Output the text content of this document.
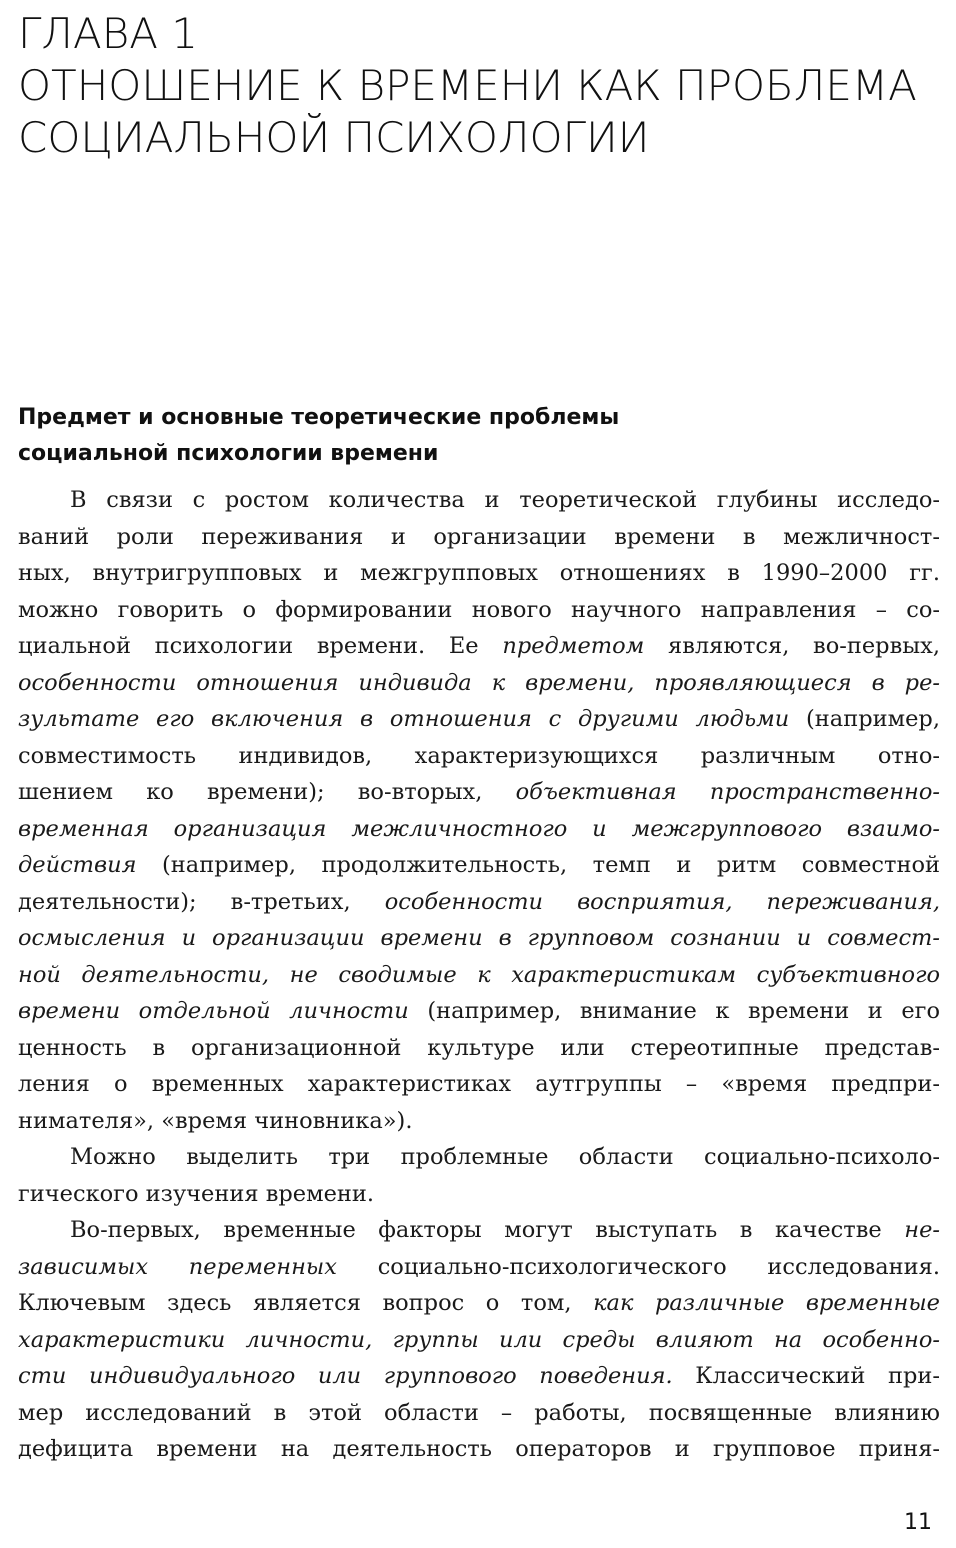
ГЛАВА 1
ОТНОШЕНИЕ К ВРЕМЕНИ КАК ПРОБЛЕМА
СОЦИАЛЬНОЙ ПСИХОЛОГИИ
Предмет и основные теоретические проблемы
социальной психологии времени
В связи с ростом количества и теоретической глубины исследо-
ваний роли переживания и организации времени в межличност-
ных, внутригрупповых и межгрупповых отношениях в 1990–2000 гг.
можно говорить о формировании нового научного направления – со-
циальной психологии времени. Ее предметом являются, во-первых,
особенности отношения индивида к времени, проявляющиеся в ре-
зультате его включения в отношения с другими людьми (например,
совместимость индивидов, характеризующихся различным отно-
шением ко времени); во-вторых, объективная пространственно-
временная организация межличностного и межгруппового взаимо-
действия (например, продолжительность, темп и ритм совместной
деятельности); в-третьих, особенности восприятия, переживания,
осмысления и организации времени в групповом сознании и совмест-
ной деятельности, не сводимые к характеристикам субъективного
времени отдельной личности (например, внимание к времени и его
ценность в организационной культуре или стереотипные представ-
ления о временных характеристиках аутгруппы – «время предпри-
нимателя», «время чиновника»).
Можно выделить три проблемные области социально-психоло-
гического изучения времени.
Во-первых, временные факторы могут выступать в качестве не-
зависимых переменных социально-психологического исследования.
Ключевым здесь является вопрос о том, как различные временные
характеристики личности, группы или среды влияют на особенно-
сти индивидуального или группового поведения. Классический при-
мер исследований в этой области – работы, посвященные влиянию
дефицита времени на деятельность операторов и групповое приня-
11
